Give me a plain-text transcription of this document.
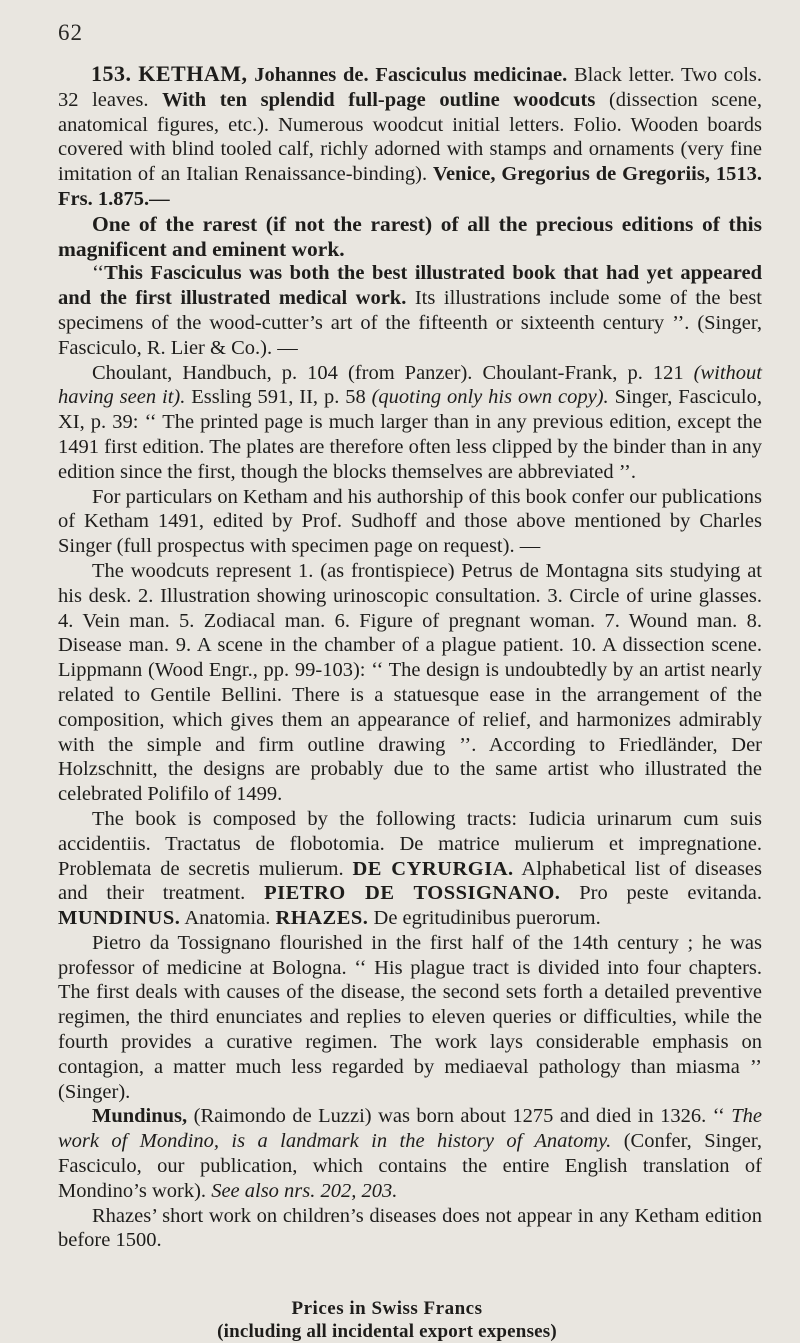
62

153. KETHAM, Johannes de. Fasciculus medicinae. Black letter. Two cols. 32 leaves. With ten splendid full-page outline woodcuts (dissection scene, anatomical figures, etc.). Numerous woodcut initial letters. Folio. Wooden boards covered with blind tooled calf, richly adorned with stamps and ornaments (very fine imitation of an Italian Renaissance-binding). Venice, Gregorius de Gregoriis, 1513. Frs. 1.875.—

One of the rarest (if not the rarest) of all the precious editions of this magnificent and eminent work.

‘‘This Fasciculus was both the best illustrated book that had yet appeared and the first illustrated medical work. Its illustrations include some of the best specimens of the wood-cutter’s art of the fifteenth or sixteenth century ’’. (Singer, Fasciculo, R. Lier & Co.). —

Choulant, Handbuch, p. 104 (from Panzer). Choulant-Frank, p. 121 (without having seen it). Essling 591, II, p. 58 (quoting only his own copy). Singer, Fasciculo, XI, p. 39: ‘‘ The printed page is much larger than in any previous edition, except the 1491 first edition. The plates are therefore often less clipped by the binder than in any edition since the first, though the blocks themselves are abbreviated ’’.

For particulars on Ketham and his authorship of this book confer our publications of Ketham 1491, edited by Prof. Sudhoff and those above mentioned by Charles Singer (full prospectus with specimen page on request). —

The woodcuts represent 1. (as frontispiece) Petrus de Montagna sits studying at his desk. 2. Illustration showing urinoscopic consultation. 3. Circle of urine glasses. 4. Vein man. 5. Zodiacal man. 6. Figure of pregnant woman. 7. Wound man. 8. Disease man. 9. A scene in the chamber of a plague patient. 10. A dissection scene. Lippmann (Wood Engr., pp. 99-103): ‘‘ The design is undoubtedly by an artist nearly related to Gentile Bellini. There is a statuesque ease in the arrangement of the composition, which gives them an appearance of relief, and harmonizes admirably with the simple and firm outline drawing ’’. According to Friedländer, Der Holzschnitt, the designs are probably due to the same artist who illustrated the celebrated Polifilo of 1499.

The book is composed by the following tracts: Iudicia urinarum cum suis accidentiis. Tractatus de flobotomia. De matrice mulierum et impregnatione. Problemata de secretis mulierum. DE CYRURGIA. Alphabetical list of diseases and their treatment. PIETRO DE TOSSIGNANO. Pro peste evitanda. MUNDINUS. Anatomia. RHAZES. De egritudinibus puerorum.

Pietro da Tossignano flourished in the first half of the 14th century ; he was professor of medicine at Bologna. ‘‘ His plague tract is divided into four chapters. The first deals with causes of the disease, the second sets forth a detailed preventive regimen, the third enunciates and replies to eleven queries or difficulties, while the fourth provides a curative regimen. The work lays considerable emphasis on contagion, a matter much less regarded by mediaeval pathology than miasma ’’ (Singer).

Mundinus, (Raimondo de Luzzi) was born about 1275 and died in 1326. ‘‘ The work of Mondino, is a landmark in the history of Anatomy. (Confer, Singer, Fasciculo, our publication, which contains the entire English translation of Mondino’s work). See also nrs. 202, 203.

Rhazes’ short work on children’s diseases does not appear in any Ketham edition before 1500.

Prices in Swiss Francs
(including all incidental export expenses)
